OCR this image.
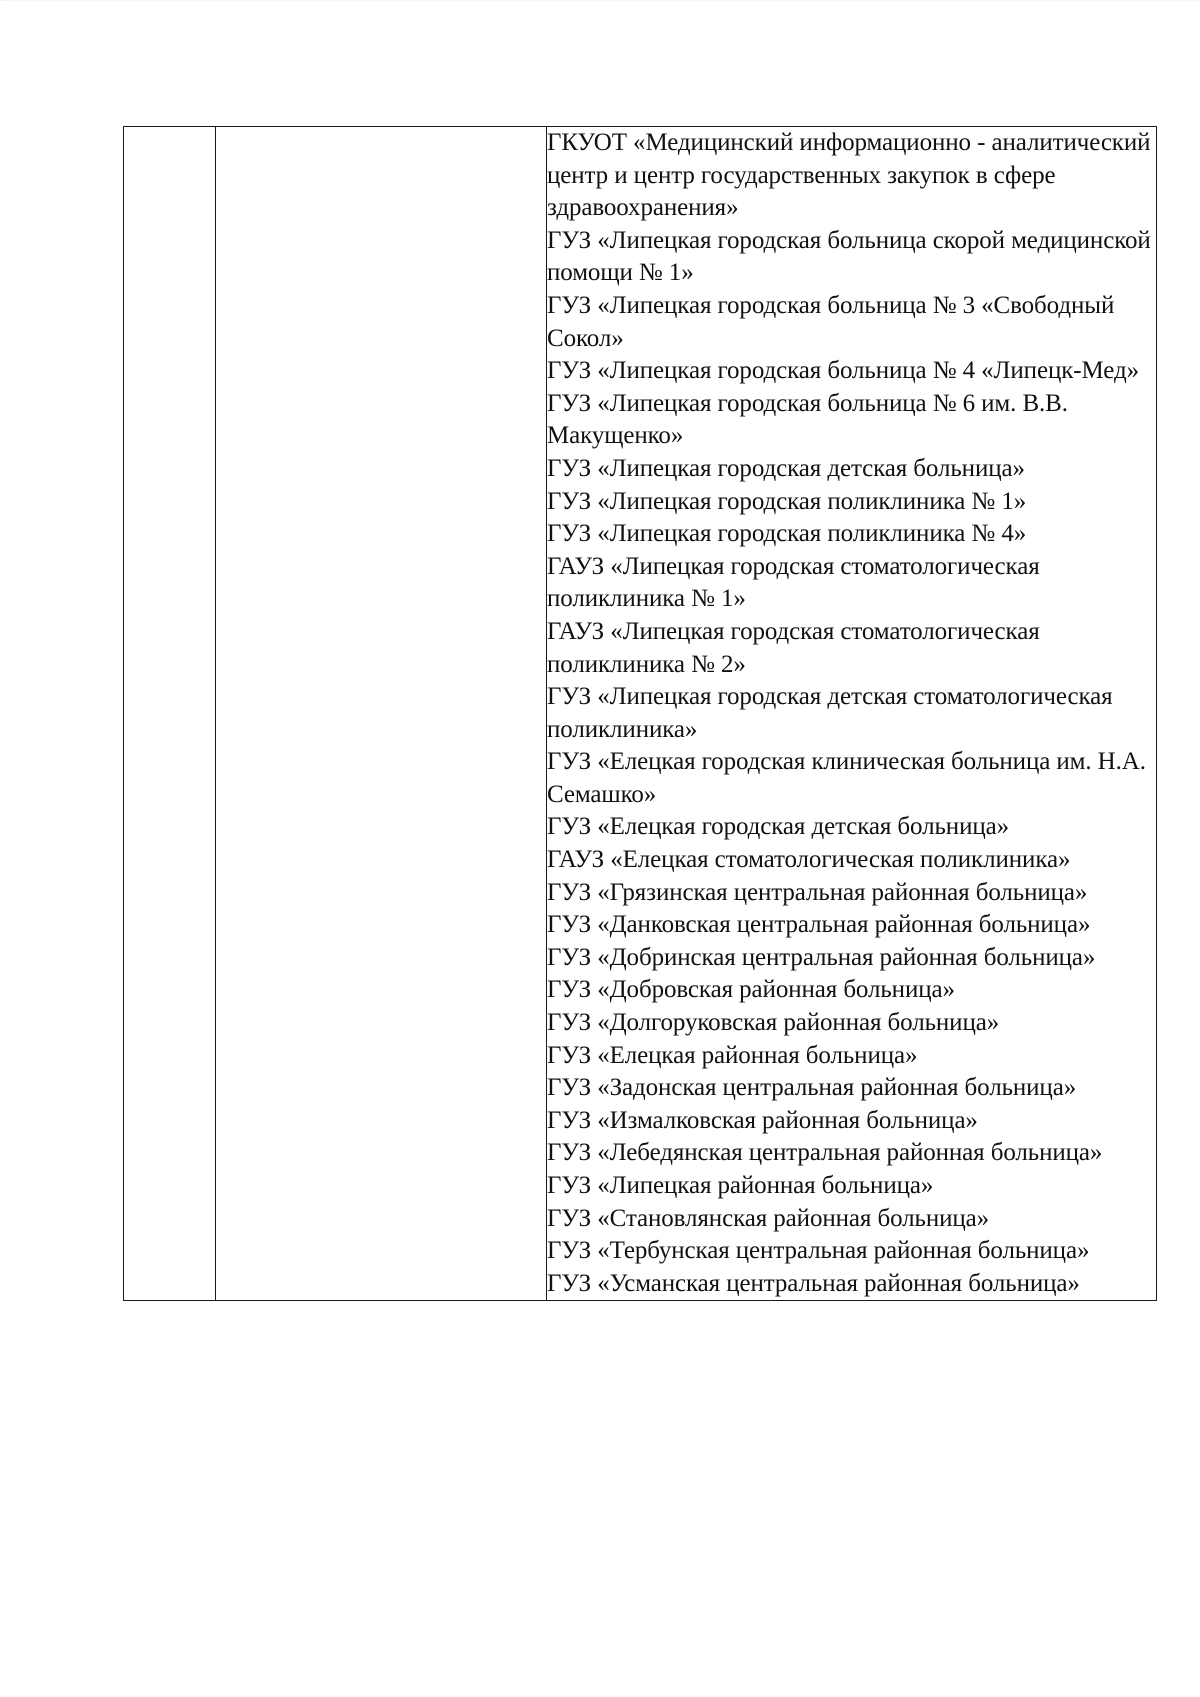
ГКУОТ «Медицинский информационно - аналитический центр и центр государственных закупок в сфере здравоохранения»
ГУЗ «Липецкая городская больница скорой медицинской помощи № 1»
ГУЗ «Липецкая городская больница № 3 «Свободный Сокол»
ГУЗ «Липецкая городская больница № 4 «Липецк-Мед»
ГУЗ «Липецкая городская больница № 6 им. В.В. Макущенко»
ГУЗ «Липецкая городская детская больница»
ГУЗ «Липецкая городская поликлиника № 1»
ГУЗ «Липецкая городская поликлиника № 4»
ГАУЗ «Липецкая городская стоматологическая поликлиника № 1»
ГАУЗ «Липецкая городская стоматологическая поликлиника № 2»
ГУЗ «Липецкая городская детская стоматологическая поликлиника»
ГУЗ «Елецкая городская клиническая больница им. Н.А. Семашко»
ГУЗ «Елецкая городская детская больница»
ГАУЗ «Елецкая стоматологическая поликлиника»
ГУЗ «Грязинская центральная районная больница»
ГУЗ «Данковская центральная районная больница»
ГУЗ «Добринская центральная районная больница»
ГУЗ «Добровская районная больница»
ГУЗ «Долгоруковская районная больница»
ГУЗ «Елецкая районная больница»
ГУЗ «Задонская центральная районная больница»
ГУЗ «Измалковская районная больница»
ГУЗ «Лебедянская центральная районная больница»
ГУЗ «Липецкая районная больница»
ГУЗ «Становлянская районная больница»
ГУЗ «Тербунская центральная районная больница»
ГУЗ «Усманская центральная районная больница»
